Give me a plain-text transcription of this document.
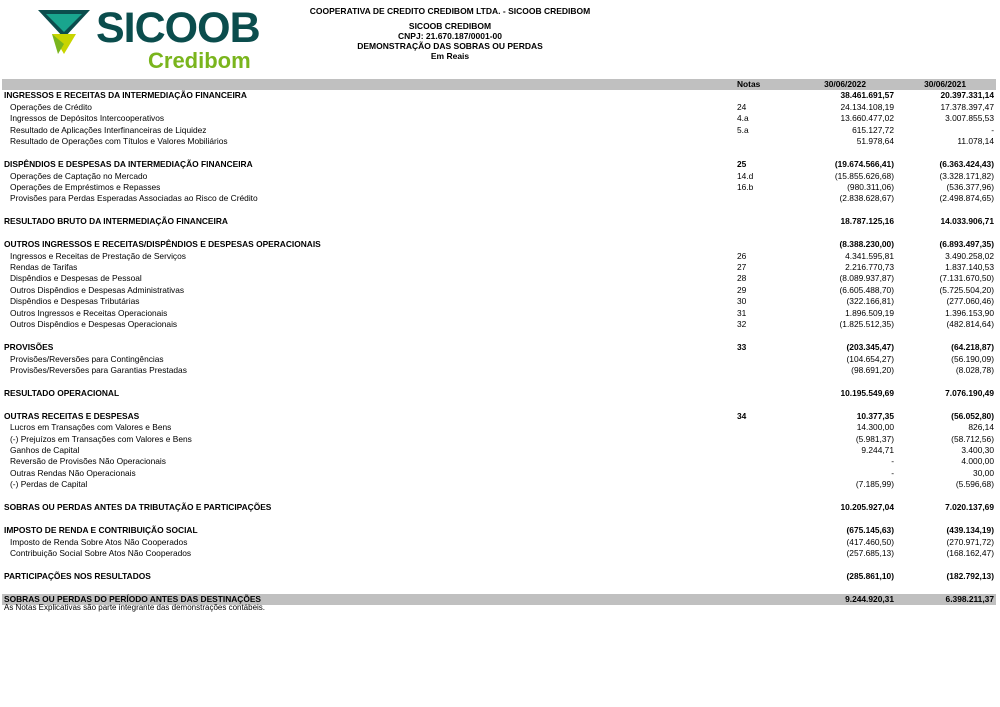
SICOOB
Credibom
COOPERATIVA DE CREDITO CREDIBOM LTDA. - SICOOB CREDIBOM
SICOOB CREDIBOM
CNPJ: 21.670.187/0001-00
DEMONSTRAÇÃO DAS SOBRAS OU PERDAS
Em Reais
Notas	30/06/2022	30/06/2021
INGRESSOS E RECEITAS DA INTERMEDIAÇÃO FINANCEIRA	38.461.691,57	20.397.331,14
Operações de Crédito	24	24.134.108,19	17.378.397,47
Ingressos de Depósitos Intercooperativos	4.a	13.660.477,02	3.007.855,53
Resultado de Aplicações Interfinanceiras de Liquidez	5.a	615.127,72	-
Resultado de Operações com Títulos e Valores Mobiliários	51.978,64	11.078,14
DISPÊNDIOS E DESPESAS DA INTERMEDIAÇÃO FINANCEIRA	25	(19.674.566,41)	(6.363.424,43)
Operações de Captação no Mercado	14.d	(15.855.626,68)	(3.328.171,82)
Operações de Empréstimos e Repasses	16.b	(980.311,06)	(536.377,96)
Provisões para Perdas Esperadas Associadas ao Risco de Crédito	(2.838.628,67)	(2.498.874,65)
RESULTADO BRUTO DA INTERMEDIAÇÃO FINANCEIRA	18.787.125,16	14.033.906,71
OUTROS INGRESSOS E RECEITAS/DISPÊNDIOS E DESPESAS OPERACIONAIS	(8.388.230,00)	(6.893.497,35)
Ingressos e Receitas de Prestação de Serviços	26	4.341.595,81	3.490.258,02
Rendas de Tarifas	27	2.216.770,73	1.837.140,53
Dispêndios e Despesas de Pessoal	28	(8.089.937,87)	(7.131.670,50)
Outros Dispêndios e Despesas Administrativas	29	(6.605.488,70)	(5.725.504,20)
Dispêndios e Despesas Tributárias	30	(322.166,81)	(277.060,46)
Outros Ingressos e Receitas Operacionais	31	1.896.509,19	1.396.153,90
Outros Dispêndios e Despesas Operacionais	32	(1.825.512,35)	(482.814,64)
PROVISÕES	33	(203.345,47)	(64.218,87)
Provisões/Reversões para Contingências	(104.654,27)	(56.190,09)
Provisões/Reversões para Garantias Prestadas	(98.691,20)	(8.028,78)
RESULTADO OPERACIONAL	10.195.549,69	7.076.190,49
OUTRAS RECEITAS E DESPESAS	34	10.377,35	(56.052,80)
Lucros em Transações com Valores e Bens	14.300,00	826,14
(-) Prejuízos em Transações com Valores e Bens	(5.981,37)	(58.712,56)
Ganhos de Capital	9.244,71	3.400,30
Reversão de Provisões Não Operacionais	-	4.000,00
Outras Rendas Não Operacionais	-	30,00
(-) Perdas de Capital	(7.185,99)	(5.596,68)
SOBRAS OU PERDAS ANTES DA TRIBUTAÇÃO E PARTICIPAÇÕES	10.205.927,04	7.020.137,69
IMPOSTO DE RENDA E CONTRIBUIÇÃO SOCIAL	(675.145,63)	(439.134,19)
Imposto de Renda Sobre Atos Não Cooperados	(417.460,50)	(270.971,72)
Contribuição Social Sobre Atos Não Cooperados	(257.685,13)	(168.162,47)
PARTICIPAÇÕES NOS RESULTADOS	(285.861,10)	(182.792,13)
SOBRAS OU PERDAS DO PERÍODO ANTES DAS DESTINAÇÕES	9.244.920,31	6.398.211,37
As Notas Explicativas são parte integrante das demonstrações contábeis.
